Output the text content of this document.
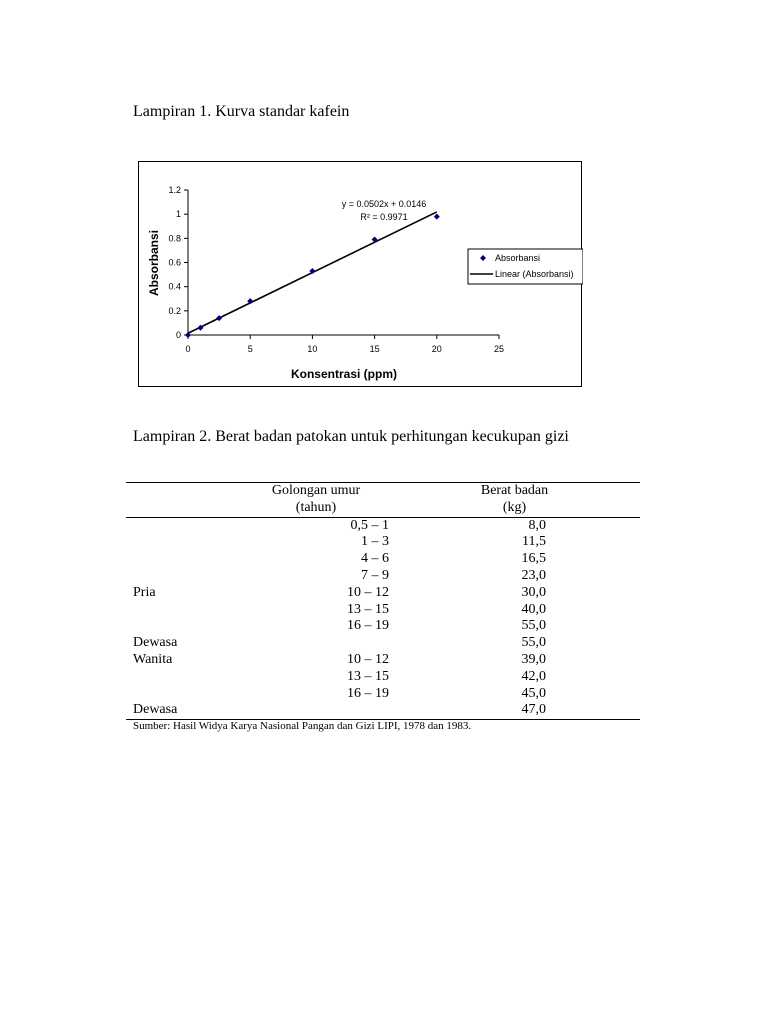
Lampiran 1. Kurva standar kafein
0	5	10	15	20	25
0
0.2
0.4
0.6
0.8
1
1.2
y = 0.0502x + 0.0146
R² = 0.9971
Absorbansi
Konsentrasi (ppm)
Absorbansi
Linear (Absorbansi)
Lampiran 2. Berat badan patokan untuk perhitungan kecukupan gizi
	Golongan umur	Berat badan
	(tahun)	(kg)
	0,5 – 1	8,0
	1 – 3	11,5
	4 – 6	16,5
	7 – 9	23,0
Pria	10 – 12	30,0
	13 – 15	40,0
	16 – 19	55,0
Dewasa		55,0
Wanita	10 – 12	39,0
	13 – 15	42,0
	16 – 19	45,0
Dewasa		47,0
Sumber: Hasil Widya Karya Nasional Pangan dan Gizi LIPI, 1978 dan 1983.
